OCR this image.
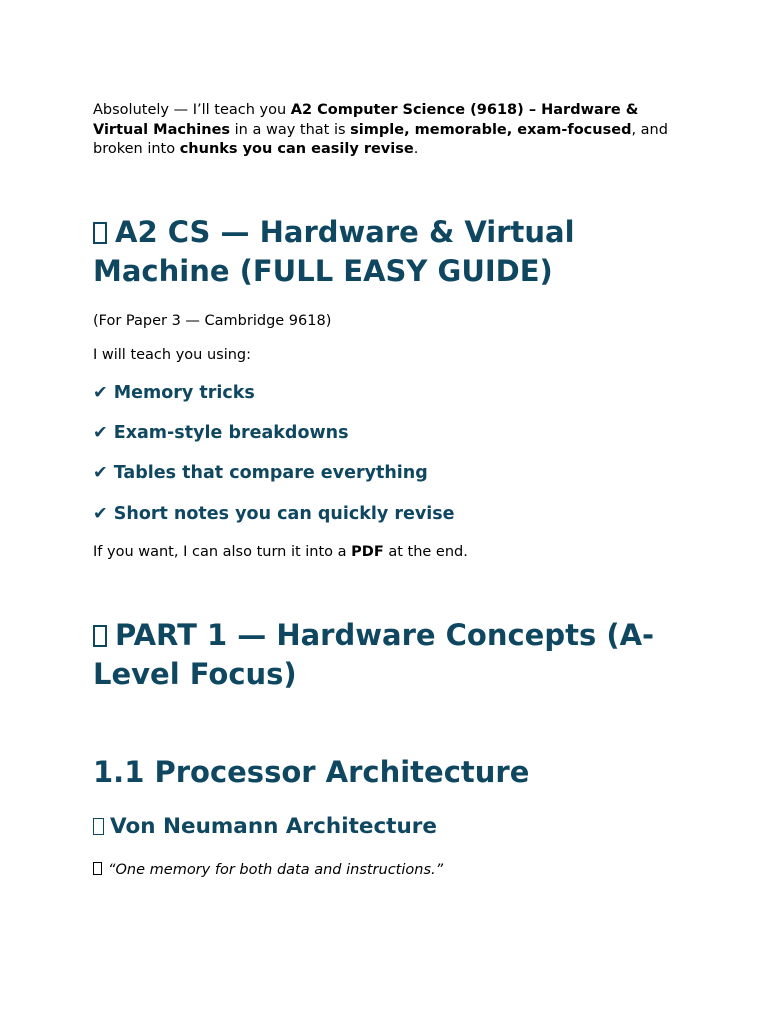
Absolutely — I’ll teach you A2 Computer Science (9618) – Hardware & Virtual Machines in a way that is simple, memorable, exam-focused, and broken into chunks you can easily revise.

A2 CS — Hardware & Virtual Machine (FULL EASY GUIDE)

(For Paper 3 — Cambridge 9618)

I will teach you using:

✔ Memory tricks

✔ Exam-style breakdowns

✔ Tables that compare everything

✔ Short notes you can quickly revise

If you want, I can also turn it into a PDF at the end.

PART 1 — Hardware Concepts (A-Level Focus)
1.1 Processor Architecture
Von Neumann Architecture

“One memory for both data and instructions.”
